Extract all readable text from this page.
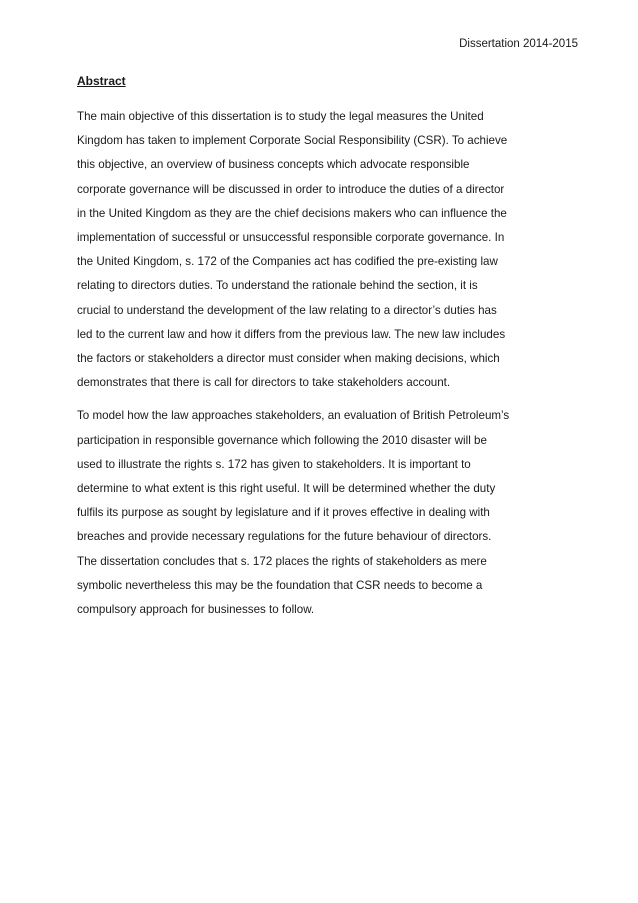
Dissertation 2014-2015
Abstract

The main objective of this dissertation is to study the legal measures the United
Kingdom has taken to implement Corporate Social Responsibility (CSR). To achieve
this objective, an overview of business concepts which advocate responsible
corporate governance will be discussed in order to introduce the duties of a director
in the United Kingdom as they are the chief decisions makers who can influence the
implementation of successful or unsuccessful responsible corporate governance. In
the United Kingdom, s. 172 of the Companies act has codified the pre-existing law
relating to directors duties. To understand the rationale behind the section, it is
crucial to understand the development of the law relating to a director’s duties has
led to the current law and how it differs from the previous law. The new law includes
the factors or stakeholders a director must consider when making decisions, which
demonstrates that there is call for directors to take stakeholders account.

To model how the law approaches stakeholders, an evaluation of British Petroleum’s
participation in responsible governance which following the 2010 disaster will be
used to illustrate the rights s. 172 has given to stakeholders. It is important to
determine to what extent is this right useful. It will be determined whether the duty
fulfils its purpose as sought by legislature and if it proves effective in dealing with
breaches and provide necessary regulations for the future behaviour of directors.
The dissertation concludes that s. 172 places the rights of stakeholders as mere
symbolic nevertheless this may be the foundation that CSR needs to become a
compulsory approach for businesses to follow.
